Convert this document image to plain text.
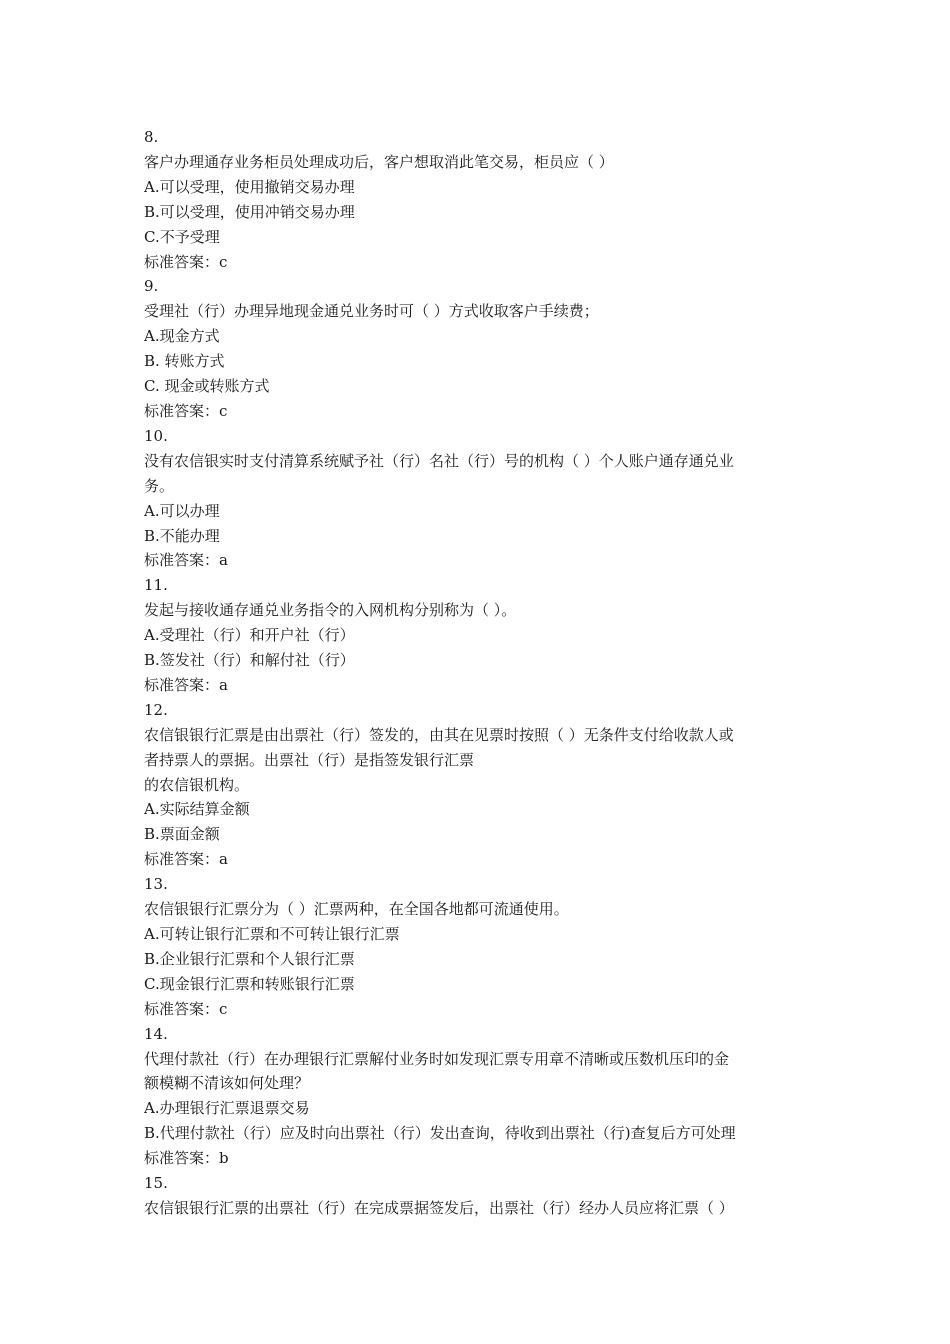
8.
客户办理通存业务柜员处理成功后，客户想取消此笔交易，柜员应（ ）
A.可以受理，使用撤销交易办理
B.可以受理，使用冲销交易办理
C.不予受理
标准答案：c
9.
受理社（行）办理异地现金通兑业务时可（ ）方式收取客户手续费；
A.现金方式
B. 转账方式
C. 现金或转账方式
标准答案：c
10.
没有农信银实时支付清算系统赋予社（行）名社（行）号的机构（ ）个人账户通存通兑业
务。
A.可以办理
B.不能办理
标准答案：a
11.
发起与接收通存通兑业务指令的入网机构分别称为（ ）。
A.受理社（行）和开户社（行）
B.签发社（行）和解付社（行）
标准答案：a
12.
农信银银行汇票是由出票社（行）签发的，由其在见票时按照（ ）无条件支付给收款人或
者持票人的票据。出票社（行）是指签发银行汇票
的农信银机构。
A.实际结算金额
B.票面金额
标准答案：a
13.
农信银银行汇票分为（ ）汇票两种，在全国各地都可流通使用。
A.可转让银行汇票和不可转让银行汇票
B.企业银行汇票和个人银行汇票
C.现金银行汇票和转账银行汇票
标准答案：c
14.
代理付款社（行）在办理银行汇票解付业务时如发现汇票专用章不清晰或压数机压印的金
额模糊不清该如何处理？
A.办理银行汇票退票交易
B.代理付款社（行）应及时向出票社（行）发出查询，待收到出票社（行)查复后方可处理
标准答案：b
15.
农信银银行汇票的出票社（行）在完成票据签发后，出票社（行）经办人员应将汇票（ ）
